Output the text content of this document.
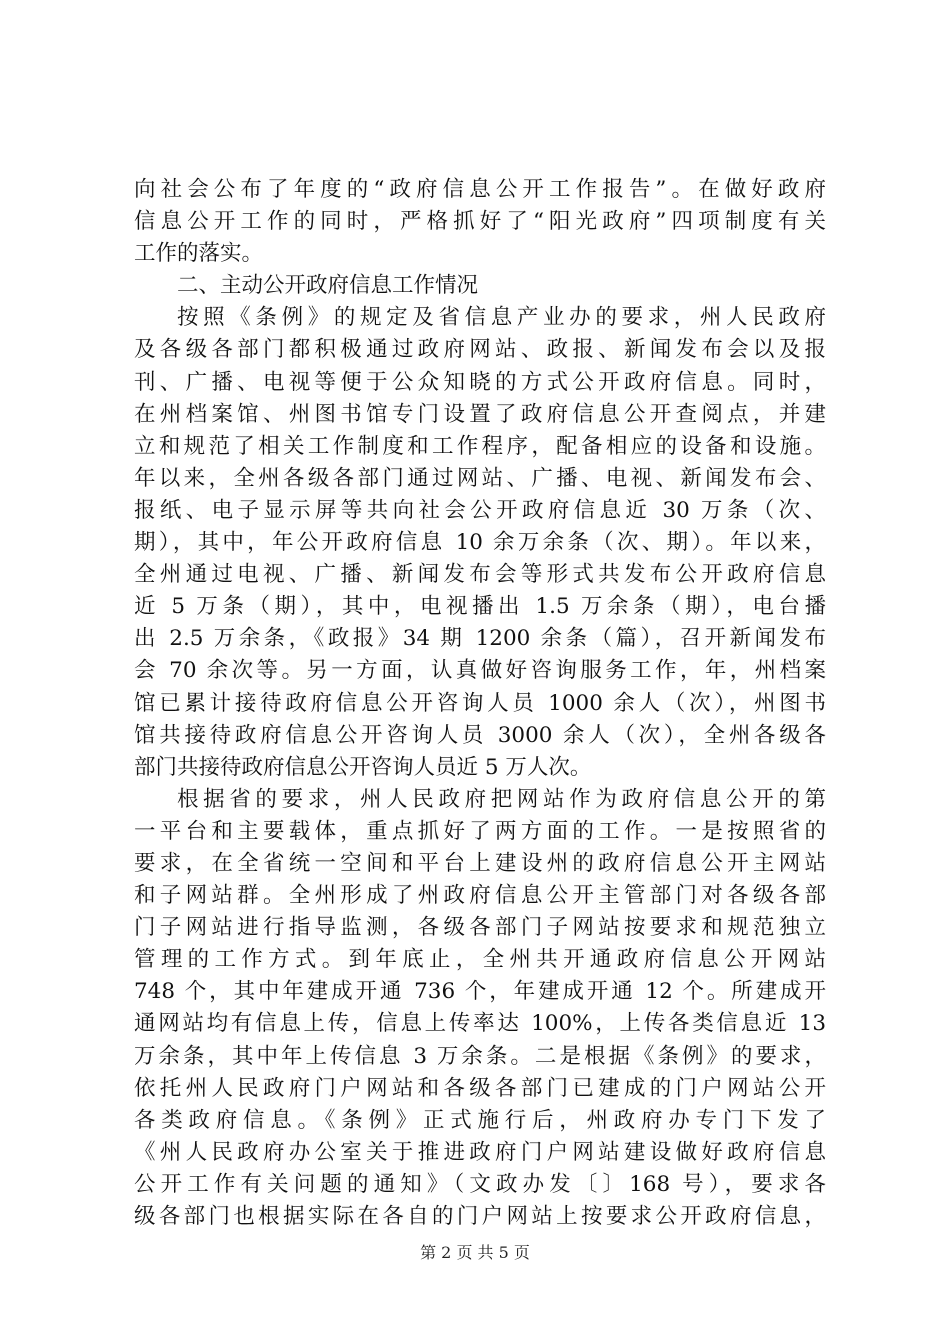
向社会公布了年度的“政府信息公开工作报告”。在做好政府
信息公开工作的同时，严格抓好了“阳光政府”四项制度有关
工作的落实。
二、主动公开政府信息工作情况
按照《条例》的规定及省信息产业办的要求，州人民政府
及各级各部门都积极通过政府网站、政报、新闻发布会以及报
刊、广播、电视等便于公众知晓的方式公开政府信息。同时，
在州档案馆、州图书馆专门设置了政府信息公开查阅点，并建
立和规范了相关工作制度和工作程序，配备相应的设备和设施。
年以来，全州各级各部门通过网站、广播、电视、新闻发布会、
报纸、电子显示屏等共向社会公开政府信息近 30 万条（次、
期），其中，年公开政府信息 10 余万余条（次、期）。年以来，
全州通过电视、广播、新闻发布会等形式共发布公开政府信息
近 5 万条（期），其中，电视播出 1.5 万余条（期），电台播
出 2.5 万余条，《政报》34 期 1200 余条（篇），召开新闻发布
会 70 余次等。另一方面，认真做好咨询服务工作，年，州档案
馆已累计接待政府信息公开咨询人员 1000 余人（次），州图书
馆共接待政府信息公开咨询人员 3000 余人（次），全州各级各
部门共接待政府信息公开咨询人员近 5 万人次。
根据省的要求，州人民政府把网站作为政府信息公开的第
一平台和主要载体，重点抓好了两方面的工作。一是按照省的
要求，在全省统一空间和平台上建设州的政府信息公开主网站
和子网站群。全州形成了州政府信息公开主管部门对各级各部
门子网站进行指导监测，各级各部门子网站按要求和规范独立
管理的工作方式。到年底止，全州共开通政府信息公开网站
748 个，其中年建成开通 736 个，年建成开通 12 个。所建成开
通网站均有信息上传，信息上传率达 100%，上传各类信息近 13
万余条，其中年上传信息 3 万余条。二是根据《条例》的要求，
依托州人民政府门户网站和各级各部门已建成的门户网站公开
各类政府信息。《条例》正式施行后，州政府办专门下发了
《州人民政府办公室关于推进政府门户网站建设做好政府信息
公开工作有关问题的通知》（文政办发〔〕168 号），要求各
级各部门也根据实际在各自的门户网站上按要求公开政府信息，
第 2 页 共 5 页
